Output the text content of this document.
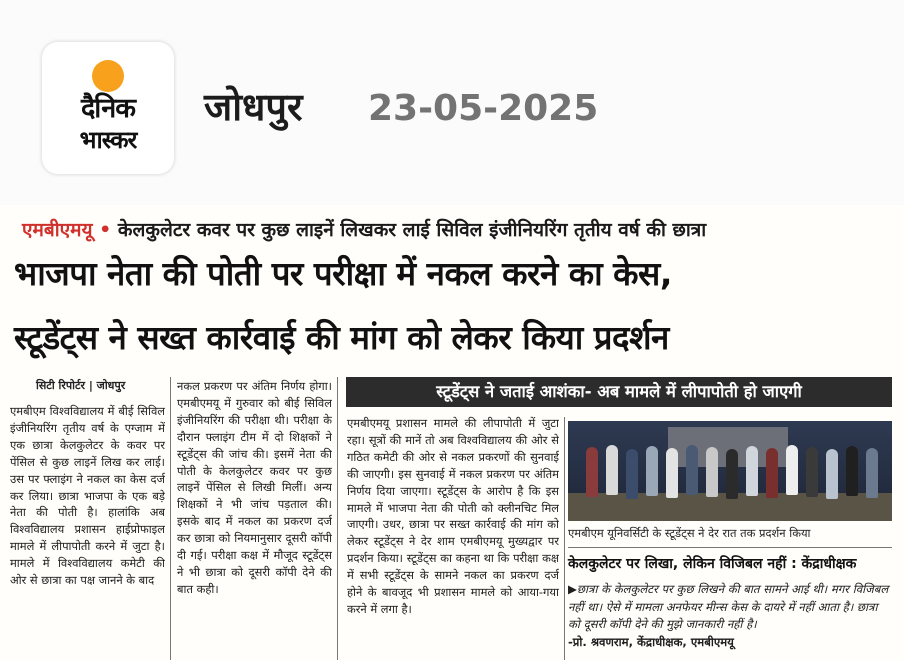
दैनिक
भास्कर
जोधपुर 23-05-2025
एमबीएमयू • केलकुलेटर कवर पर कुछ लाइनें लिखकर लाई सिविल इंजीनियरिंग तृतीय वर्ष की छात्रा
भाजपा नेता की पोती पर परीक्षा में नकल करने का केस,
स्टूडेंट्स ने सख्त कार्रवाई की मांग को लेकर किया प्रदर्शन
सिटी रिपोर्टर | जोधपुर
एमबीएम विश्वविद्यालय में बीई सिविल इंजीनियरिंग तृतीय वर्ष के एग्जाम में एक छात्रा केलकुलेटर के कवर पर पेंसिल से कुछ लाइनें लिख कर लाई। उस पर फ्लाइंग ने नकल का केस दर्ज कर लिया। छात्रा भाजपा के एक बड़े नेता की पोती है। हालांकि अब विश्वविद्यालय प्रशासन हाईप्रोफाइल मामले में लीपापोती करने में जुटा है। मामले में विश्वविद्यालय कमेटी की ओर से छात्रा का पक्ष जानने के बाद
नकल प्रकरण पर अंतिम निर्णय होगा। एमबीएमयू में गुरुवार को बीई सिविल इंजीनियरिंग की परीक्षा थी। परीक्षा के दौरान फ्लाइंग टीम में दो शिक्षकों ने स्टूडेंट्स की जांच की। इसमें नेता की पोती के केलकुलेटर कवर पर कुछ लाइनें पेंसिल से लिखी मिलीं। अन्य शिक्षकों ने भी जांच पड़ताल की। इसके बाद में नकल का प्रकरण दर्ज कर छात्रा को नियमानुसार दूसरी कॉपी दी गई। परीक्षा कक्ष में मौजूद स्टूडेंट्स ने भी छात्रा को दूसरी कॉपी देने की बात कही।
स्टूडेंट्स ने जताई आशंका- अब मामले में लीपापोती हो जाएगी
एमबीएमयू प्रशासन मामले की लीपापोती में जुटा रहा। सूत्रों की मानें तो अब विश्वविद्यालय की ओर से गठित कमेटी की ओर से नकल प्रकरणों की सुनवाई की जाएगी। इस सुनवाई में नकल प्रकरण पर अंतिम निर्णय दिया जाएगा। स्टूडेंट्स के आरोप है कि इस मामले में भाजपा नेता की पोती को क्लीनचिट मिल जाएगी। उधर, छात्रा पर सख्त कार्रवाई की मांग को लेकर स्टूडेंट्स ने देर शाम एमबीएमयू मुख्यद्वार पर प्रदर्शन किया। स्टूडेंट्स का कहना था कि परीक्षा कक्ष में सभी स्टूडेंट्स के सामने नकल का प्रकरण दर्ज होने के बावजूद भी प्रशासन मामले को आया-गया करने में लगा है।
एमबीएम यूनिवर्सिटी के स्टूडेंट्स ने देर रात तक प्रदर्शन किया
केलकुलेटर पर लिखा, लेकिन विजिबल नहीं : केंद्राधीक्षक
▶छात्रा के केलकुलेटर पर कुछ लिखने की बात सामने आई थी। मगर विजिबल नहीं था। ऐसे में मामला अनफेयर मीन्स केस के दायरे में नहीं आता है। छात्रा को दूसरी कॉपी देने की मुझे जानकारी नहीं है।
-प्रो. श्रवणराम, केंद्राधीक्षक, एमबीएमयू
